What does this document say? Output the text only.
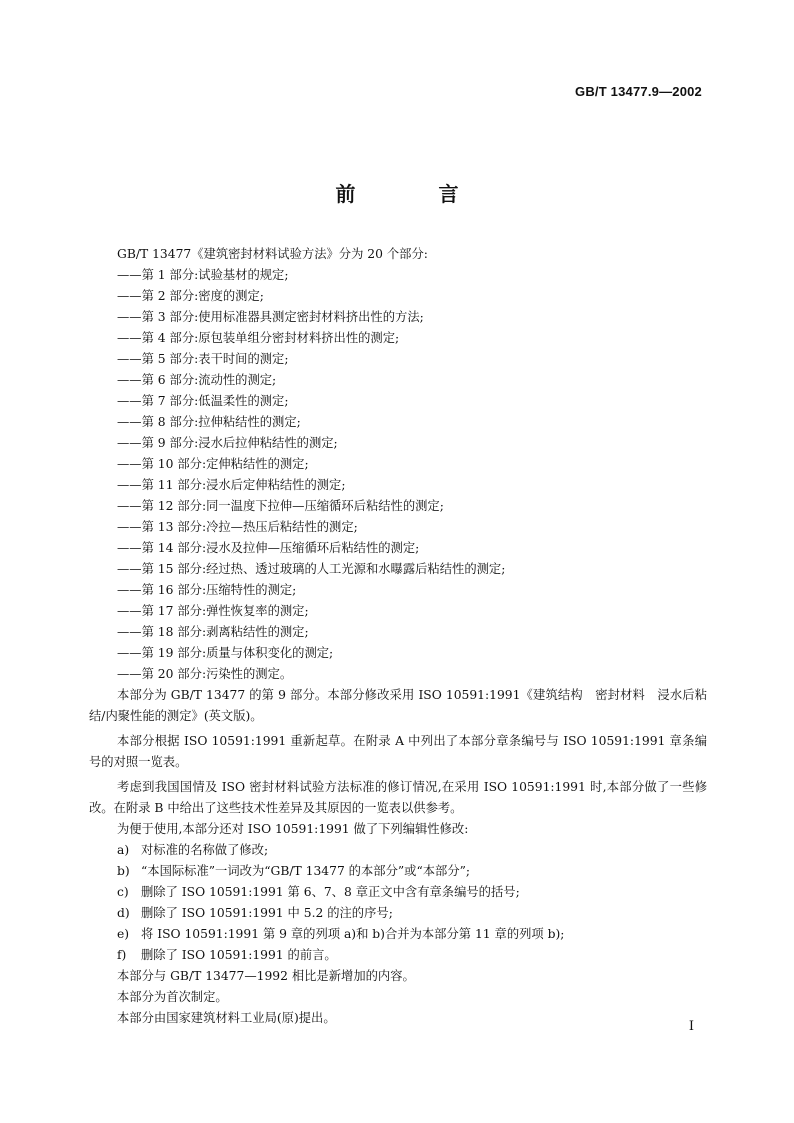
GB/T 13477.9—2002
前 言
GB/T 13477《建筑密封材料试验方法》分为 20 个部分:
——第 1 部分:试验基材的规定;
——第 2 部分:密度的测定;
——第 3 部分:使用标准器具测定密封材料挤出性的方法;
——第 4 部分:原包装单组分密封材料挤出性的测定;
——第 5 部分:表干时间的测定;
——第 6 部分:流动性的测定;
——第 7 部分:低温柔性的测定;
——第 8 部分:拉伸粘结性的测定;
——第 9 部分:浸水后拉伸粘结性的测定;
——第 10 部分:定伸粘结性的测定;
——第 11 部分:浸水后定伸粘结性的测定;
——第 12 部分:同一温度下拉伸—压缩循环后粘结性的测定;
——第 13 部分:冷拉—热压后粘结性的测定;
——第 14 部分:浸水及拉伸—压缩循环后粘结性的测定;
——第 15 部分:经过热、透过玻璃的人工光源和水曝露后粘结性的测定;
——第 16 部分:压缩特性的测定;
——第 17 部分:弹性恢复率的测定;
——第 18 部分:剥离粘结性的测定;
——第 19 部分:质量与体积变化的测定;
——第 20 部分:污染性的测定。
本部分为 GB/T 13477 的第 9 部分。本部分修改采用 ISO 10591:1991《建筑结构　密封材料　浸水后粘结/内聚性能的测定》(英文版)。
本部分根据 ISO 10591:1991 重新起草。在附录 A 中列出了本部分章条编号与 ISO 10591:1991 章条编号的对照一览表。
考虑到我国国情及 ISO 密封材料试验方法标准的修订情况,在采用 ISO 10591:1991 时,本部分做了一些修改。在附录 B 中给出了这些技术性差异及其原因的一览表以供参考。
为便于使用,本部分还对 ISO 10591:1991 做了下列编辑性修改:
a) 对标准的名称做了修改;
b) “本国际标准”一词改为“GB/T 13477 的本部分”或“本部分”;
c) 删除了 ISO 10591:1991 第 6、7、8 章正文中含有章条编号的括号;
d) 删除了 ISO 10591:1991 中 5.2 的注的序号;
e) 将 ISO 10591:1991 第 9 章的列项 a)和 b)合并为本部分第 11 章的列项 b);
f) 删除了 ISO 10591:1991 的前言。
本部分与 GB/T 13477—1992 相比是新增加的内容。
本部分为首次制定。
本部分由国家建筑材料工业局(原)提出。
I
